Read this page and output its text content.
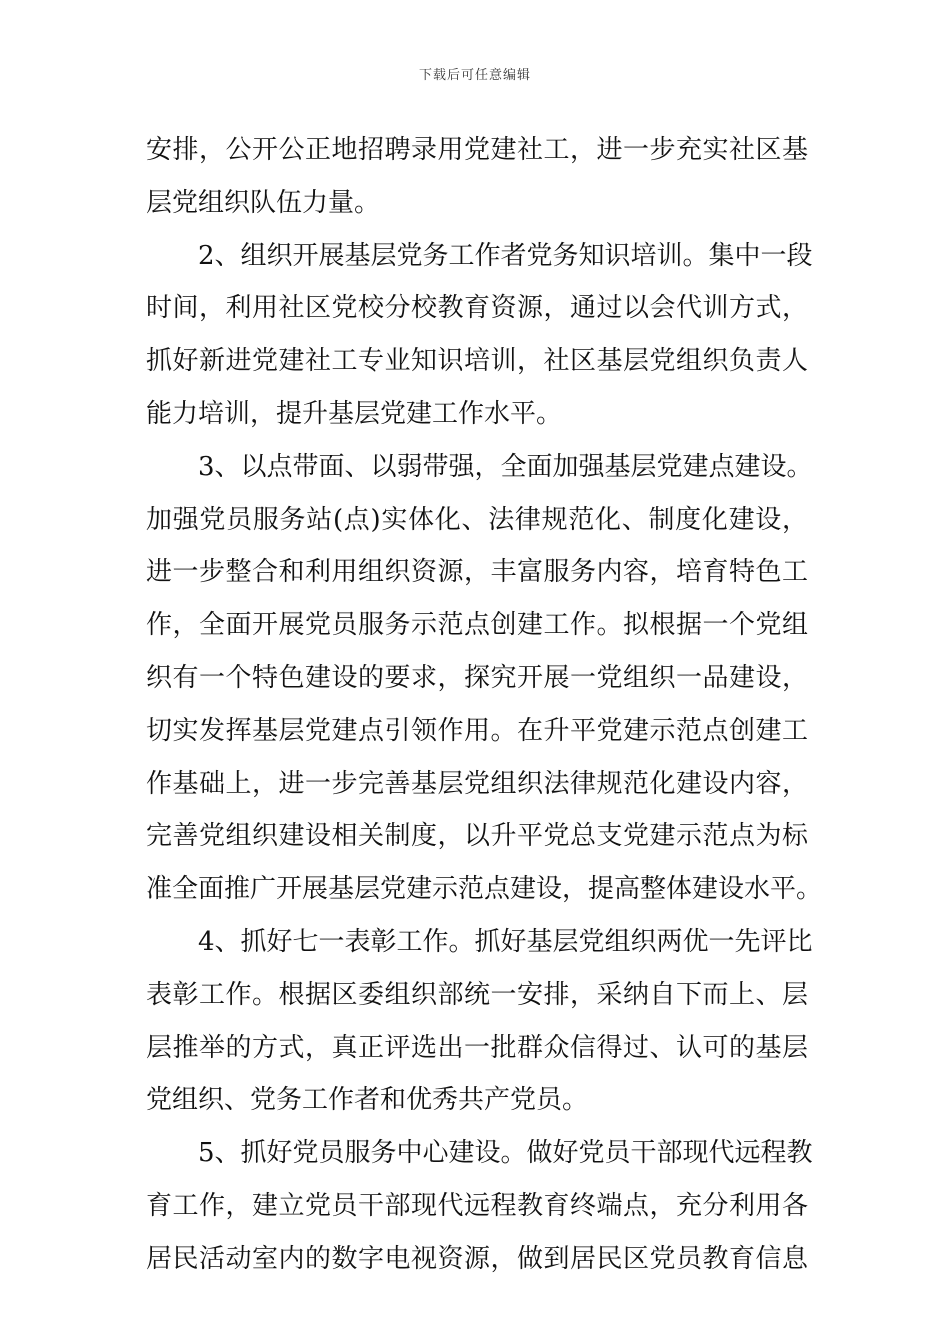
下载后可任意编辑
安排，公开公正地招聘录用党建社工，进一步充实社区基
层党组织队伍力量。
2、组织开展基层党务工作者党务知识培训。集中一段
时间，利用社区党校分校教育资源，通过以会代训方式，
抓好新进党建社工专业知识培训，社区基层党组织负责人
能力培训，提升基层党建工作水平。
3、以点带面、以弱带强，全面加强基层党建点建设。
加强党员服务站(点)实体化、法律规范化、制度化建设，
进一步整合和利用组织资源，丰富服务内容，培育特色工
作，全面开展党员服务示范点创建工作。拟根据一个党组
织有一个特色建设的要求，探究开展一党组织一品建设，
切实发挥基层党建点引领作用。在升平党建示范点创建工
作基础上，进一步完善基层党组织法律规范化建设内容，
完善党组织建设相关制度，以升平党总支党建示范点为标
准全面推广开展基层党建示范点建设，提高整体建设水平。
4、抓好七一表彰工作。抓好基层党组织两优一先评比
表彰工作。根据区委组织部统一安排，采纳自下而上、层
层推举的方式，真正评选出一批群众信得过、认可的基层
党组织、党务工作者和优秀共产党员。
5、抓好党员服务中心建设。做好党员干部现代远程教
育工作，建立党员干部现代远程教育终端点，充分利用各
居民活动室内的数字电视资源，做到居民区党员教育信息
